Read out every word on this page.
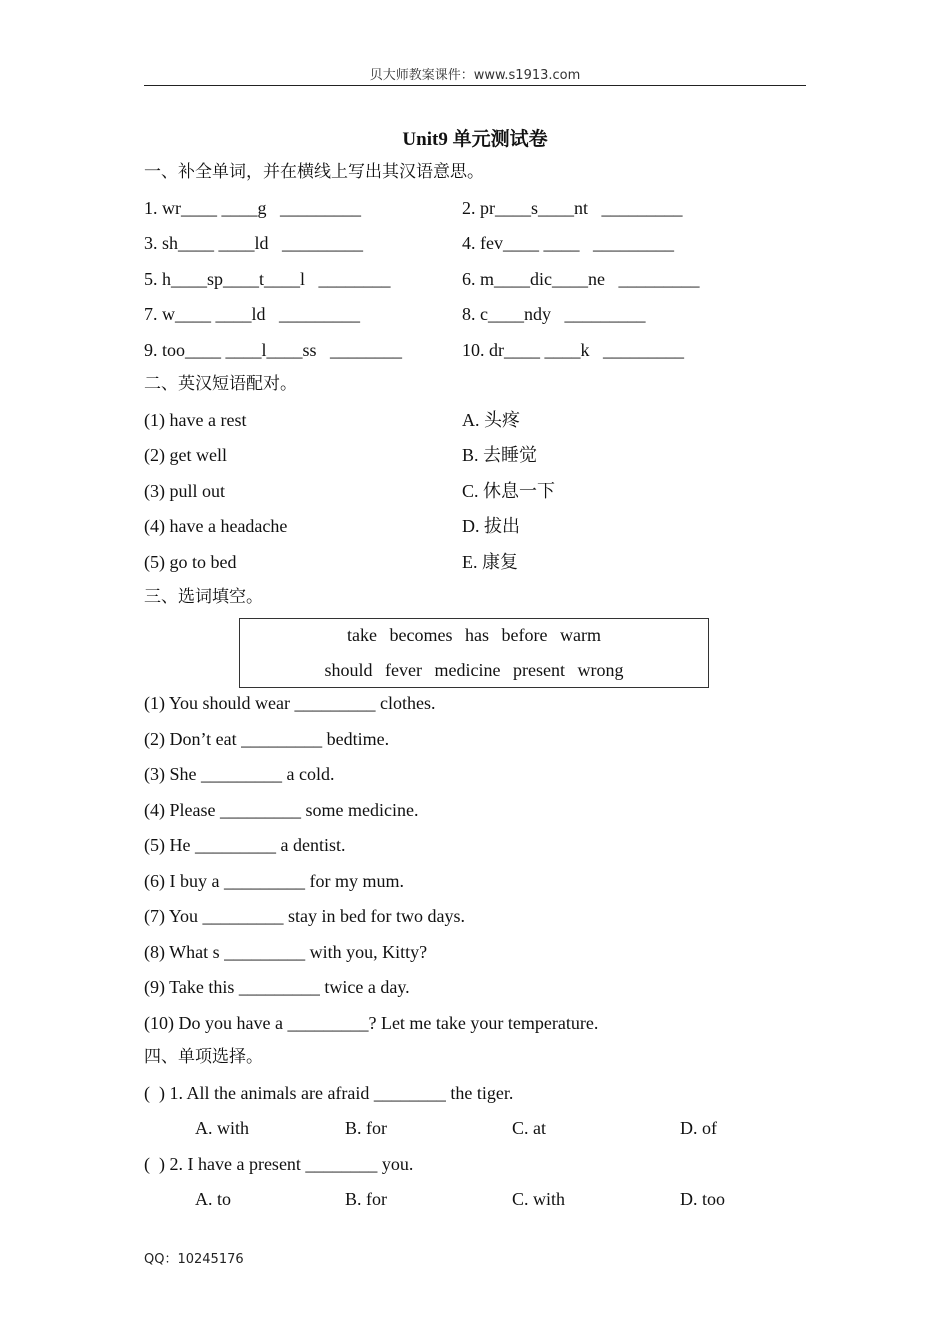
贝大师教案课件：www.s1913.com
Unit9 单元测试卷
一、补全单词，并在横线上写出其汉语意思。
1. wr____ ____g   _________	2. pr____s____nt   _________
3. sh____ ____ld   _________	4. fev____ ____   _________
5. h____sp____t____l   ________	6. m____dic____ne   _________
7. w____ ____ld   _________	8. c____ndy   _________
9. too____ ____l____ss   ________	10. dr____ ____k   _________
二、英汉短语配对。
(1) have a rest	A. 头疼
(2) get well	B. 去睡觉
(3) pull out	C. 休息一下
(4) have a headache	D. 拔出
(5) go to bed	E. 康复
三、选词填空。
take becomes has before warm
should fever medicine present wrong
(1) You should wear _________ clothes.
(2) Don’t eat _________ bedtime.
(3) She _________ a cold.
(4) Please _________ some medicine.
(5) He _________ a dentist.
(6) I buy a _________ for my mum.
(7) You _________ stay in bed for two days.
(8) What s _________ with you, Kitty?
(9) Take this _________ twice a day.
(10) Do you have a _________? Let me take your temperature.
四、单项选择。
(  ) 1. All the animals are afraid ________ the tiger.
A. with	B. for	C. at	D. of
(  ) 2. I have a present ________ you.
A. to	B. for	C. with	D. too
QQ：10245176
